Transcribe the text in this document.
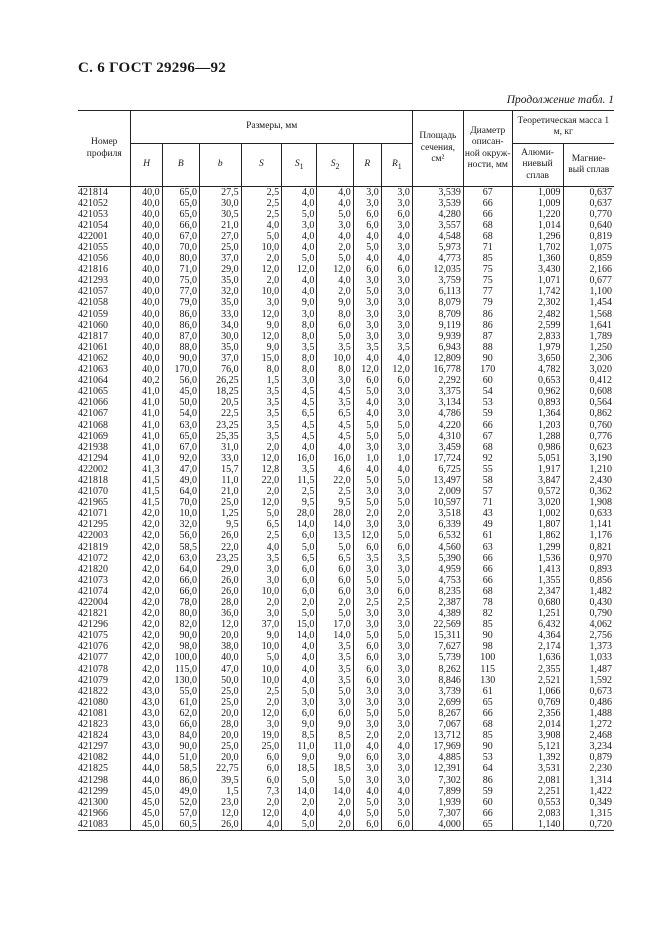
С. 6 ГОСТ 29296—92
Продолжение табл. 1
Номер профиля	Размеры, мм								Площадь сечения, см²	Диаметр описан-ной окруж-ности, мм	Теоретическая масса 1 м, кг	
	H	B	b	S	$S_1$	$S_2$	R	$R_1$			Алюми-ниевый сплав	Магние-вый сплав
421814	40,0	65,0	27,5	2,5	4,0	4,0	3,0	3,0	3,539	67	1,009	0,637
421052	40,0	65,0	30,0	2,5	4,0	4,0	3,0	3,0	3,539	66	1,009	0,637
421053	40,0	65,0	30,5	2,5	5,0	5,0	6,0	6,0	4,280	66	1,220	0,770
421054	40,0	66,0	21,0	4,0	3,0	3,0	6,0	3,0	3,557	68	1,014	0,640
422001	40,0	67,0	27,0	5,0	4,0	4,0	4,0	4,0	4,548	68	1,296	0,819
421055	40,0	70,0	25,0	10,0	4,0	2,0	5,0	3,0	5,973	71	1,702	1,075
421056	40,0	80,0	37,0	2,0	5,0	5,0	4,0	4,0	4,773	85	1,360	0,859
421816	40,0	71,0	29,0	12,0	12,0	12,0	6,0	6,0	12,035	75	3,430	2,166
421293	40,0	75,0	35,0	2,0	4,0	4,0	3,0	3,0	3,759	75	1,071	0,677
421057	40,0	77,0	32,0	10,0	4,0	2,0	5,0	3,0	6,113	77	1,742	1,100
421058	40,0	79,0	35,0	3,0	9,0	9,0	3,0	3,0	8,079	79	2,302	1,454
421059	40,0	86,0	33,0	12,0	3,0	8,0	3,0	3,0	8,709	86	2,482	1,568
421060	40,0	86,0	34,0	9,0	8,0	6,0	3,0	3,0	9,119	86	2,599	1,641
421817	40,0	87,0	30,0	12,0	8,0	5,0	3,0	3,0	9,939	87	2,833	1,789
421061	40,0	88,0	35,0	9,0	3,5	3,5	3,5	3,5	6,943	88	1,979	1,250
421062	40,0	90,0	37,0	15,0	8,0	10,0	4,0	4,0	12,809	90	3,650	2,306
421063	40,0	170,0	76,0	8,0	8,0	8,0	12,0	12,0	16,778	170	4,782	3,020
421064	40,2	56,0	26,25	1,5	3,0	3,0	6,0	6,0	2,292	60	0,653	0,412
421065	41,0	45,0	18,25	3,5	4,5	4,5	5,0	3,0	3,375	54	0,962	0,608
421066	41,0	50,0	20,5	3,5	4,5	3,5	4,0	3,0	3,134	53	0,893	0,564
421067	41,0	54,0	22,5	3,5	6,5	6,5	4,0	3,0	4,786	59	1,364	0,862
421068	41,0	63,0	23,25	3,5	4,5	4,5	5,0	5,0	4,220	66	1,203	0,760
421069	41,0	65,0	25,35	3,5	4,5	4,5	5,0	5,0	4,310	67	1,288	0,776
421938	41,0	67,0	31,0	2,0	4,0	4,0	3,0	3,0	3,459	68	0,986	0,623
421294	41,0	92,0	33,0	12,0	16,0	16,0	1,0	1,0	17,724	92	5,051	3,190
422002	41,3	47,0	15,7	12,8	3,5	4,6	4,0	4,0	6,725	55	1,917	1,210
421818	41,5	49,0	11,0	22,0	11,5	22,0	5,0	5,0	13,497	58	3,847	2,430
421070	41,5	64,0	21,0	2,0	2,5	2,5	3,0	3,0	2,009	57	0,572	0,362
421965	41,5	70,0	25,0	12,0	9,5	9,5	5,0	5,0	10,597	71	3,020	1,908
421071	42,0	10,0	1,25	5,0	28,0	28,0	2,0	2,0	3,518	43	1,002	0,633
421295	42,0	32,0	9,5	6,5	14,0	14,0	3,0	3,0	6,339	49	1,807	1,141
422003	42,0	56,0	26,0	2,5	6,0	13,5	12,0	5,0	6,532	61	1,862	1,176
421819	42,0	58,5	22,0	4,0	5,0	5,0	6,0	6,0	4,560	63	1,299	0,821
421072	42,0	63,0	23,25	3,5	6,5	6,5	3,5	3,5	5,390	66	1,536	0,970
421820	42,0	64,0	29,0	3,0	6,0	6,0	3,0	3,0	4,959	66	1,413	0,893
421073	42,0	66,0	26,0	3,0	6,0	6,0	5,0	5,0	4,753	66	1,355	0,856
421074	42,0	66,0	26,0	10,0	6,0	6,0	3,0	6,0	8,235	68	2,347	1,482
422004	42,0	78,0	28,0	2,0	2,0	2,0	2,5	2,5	2,387	78	0,680	0,430
421821	42,0	80,0	36,0	3,0	5,0	5,0	3,0	3,0	4,389	82	1,251	0,790
421296	42,0	82,0	12,0	37,0	15,0	17,0	3,0	3,0	22,569	85	6,432	4,062
421075	42,0	90,0	20,0	9,0	14,0	14,0	5,0	5,0	15,311	90	4,364	2,756
421076	42,0	98,0	38,0	10,0	4,0	3,5	6,0	3,0	7,627	98	2,174	1,373
421077	42,0	100,0	40,0	5,0	4,0	3,5	6,0	3,0	5,739	100	1,636	1,033
421078	42,0	115,0	47,0	10,0	4,0	3,5	6,0	3,0	8,262	115	2,355	1,487
421079	42,0	130,0	50,0	10,0	4,0	3,5	6,0	3,0	8,846	130	2,521	1,592
421822	43,0	55,0	25,0	2,5	5,0	5,0	3,0	3,0	3,739	61	1,066	0,673
421080	43,0	61,0	25,0	2,0	3,0	3,0	3,0	3,0	2,699	65	0,769	0,486
421081	43,0	62,0	20,0	12,0	6,0	6,0	5,0	5,0	8,267	66	2,356	1,488
421823	43,0	66,0	28,0	3,0	9,0	9,0	3,0	3,0	7,067	68	2,014	1,272
421824	43,0	84,0	20,0	19,0	8,5	8,5	2,0	2,0	13,712	85	3,908	2,468
421297	43,0	90,0	25,0	25,0	11,0	11,0	4,0	4,0	17,969	90	5,121	3,234
421082	44,0	51,0	20,0	6,0	9,0	9,0	6,0	3,0	4,885	53	1,392	0,879
421825	44,0	58,5	22,75	6,0	18,5	18,5	3,0	3,0	12,391	64	3,531	2,230
421298	44,0	86,0	39,5	6,0	5,0	5,0	3,0	3,0	7,302	86	2,081	1,314
421299	45,0	49,0	1,5	7,3	14,0	14,0	4,0	4,0	7,899	59	2,251	1,422
421300	45,0	52,0	23,0	2,0	2,0	2,0	5,0	3,0	1,939	60	0,553	0,349
421966	45,0	57,0	12,0	12,0	4,0	4,0	5,0	5,0	7,307	66	2,083	1,315
421083	45,0	60,5	26,0	4,0	5,0	2,0	6,0	6,0	4,000	65	1,140	0,720
